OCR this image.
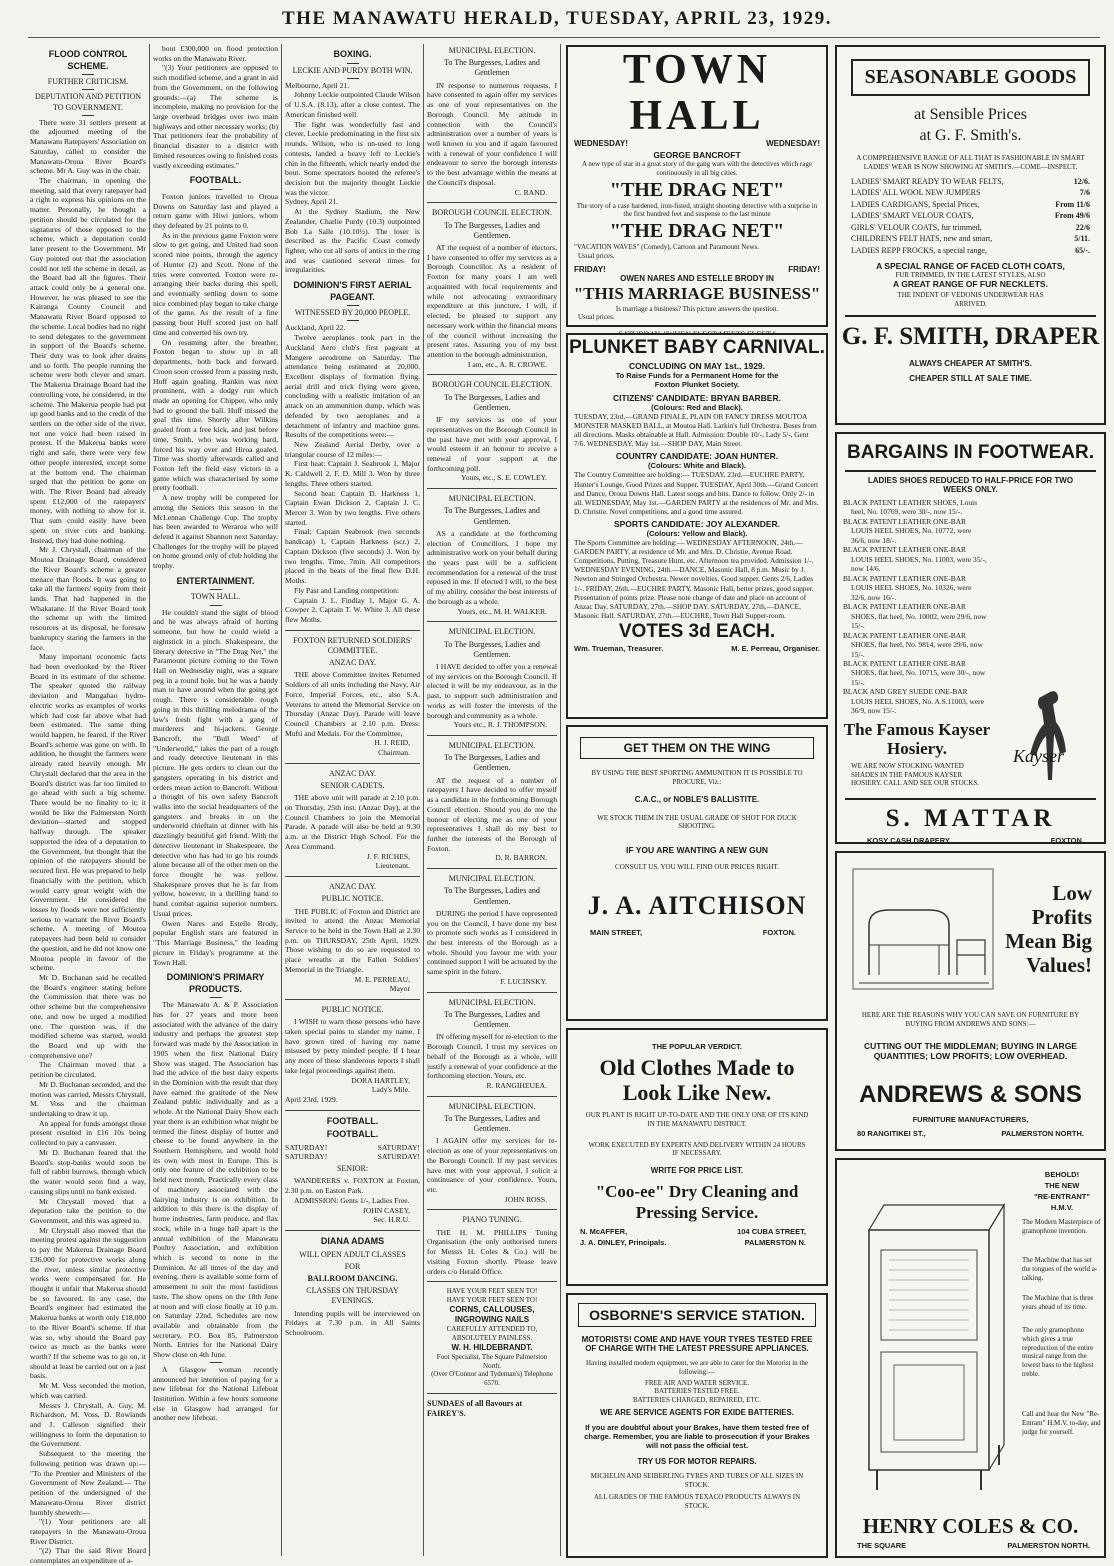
THE MANAWATU HERALD, TUESDAY, APRIL 23, 1929.
FLOOD CONTROL SCHEME.
FURTHER CRITICISM.
DEPUTATION AND PETITION TO GOVERNMENT.

There were 31 settlers present at the adjourned meeting of the Manawatu Ratepayers' Association on Saturday, called to consider the Manawatu-Oroua River Board's scheme. Mr A. Guy was in the chair.

The chairman, in opening the meeting, said that every ratepayer had a right to express his opinions on the matter. Personally, he thought a petition should be circulated for the signatures of those opposed to the scheme, which a deputation could later present to the Government. Mr Guy pointed out that the association could not tell the scheme in detail, as the Board had all the figures. Their attack could only be a general one. However, he was pleased to see the Kairanga County Council and Manawatu River Board opposed to the scheme. Local bodies had no right to send delegates to the government in support of the Board's scheme. Their duty was to look after drains and so forth. The people running the scheme were both clever and smart. The Makerua Drainage Board had the controlling vote, he considered, in the scheme. The Makerua people had put up good banks and to the credit of the settlers on the other side of the river, not one voice had been raised in protest. If the Makerua banks were right and safe, there were very few other people interested, except some at the bottom end. The chairman urged that the petition be gone on with. The River Board had already spent £12,000 of the ratepayers' money, with nothing to show for it. That sum could easily have been spent on river cuts and banking. Instead, they had done nothing.

Mr J. Chrystall, chairman of the Moutoa Drainage Board, considered the River Board's scheme a greater menace than floods. It was going to take all the farmers' equity from their lands. That had happened in the Whakatane. If the River Board took the scheme up with the limited resources at its disposal, he foresaw bankruptcy staring the farmers in the face.

Many important economic facts had been overlooked by the River Board in its estimate of the scheme. The speaker quoted the railway deviation and Mangahao hydro-electric works as examples of works which had cost far above what had been estimated. The same thing would happen, he feared, if the River Board's scheme was gone on with. In addition, he thought the farmers were already rated heavily enough. Mr Chrystall declared that the area in the Board's district was far too limited to go ahead with such a big scheme. There would be no finality to it; it would be like the Palmerston North deviation—started and stopped halfway through. The speaker supported the idea of a deputation to the Government, but thought that the opinion of the ratepayers should be secured first. He was prepared to help financially with the petition, which would carry great weight with the Government. He considered the losses by floods were not sufficiently serious to warrant the River Board's scheme. A meeting of Moutoa ratepayers had been held to consider the question, and he did not know one Moutoa people in favour of the scheme.

Mr D. Buchanan said he recalled the Board's engineer stating before the Commission that there was no other scheme but the comprehensive one, and now he urged a modified one. The question was, if the modified scheme was started, would the Board end up with the comprehensive one?

The Chairman moved that a petition be circulated.

Mr D. Buchanan seconded, and the motion was carried, Messrs Chrystall, M. Voss and the chairman undertaking to draw it up.

An appeal for funds amongst those present resulted in £16 10s being collected to pay a canvasser.

Mr D. Buchanan feared that the Board's stop-banks would soon be full of rabbit burrows, through which the water would soon find a way, causing slips until no bank existed.

Mr Chrystall moved that a deputation take the petition to the Government, and this was agreed to.

Mr Chrystall also moved that the meeting protest against the suggestion to pay the Makerua Drainage Board £36,000 for protective works along the river, unless similar protective works were compensated for. He thought it unfair that Makerua should be so favoured. In any case, the Board's engineer had estimated the Makerua banks at worth only £18,000 to the River Board's scheme. If that was so, why should the Board pay twice as much as the banks were worth? If the scheme was to go on, it should at least be carried out on a just basis.

Mr M. Voss seconded the motion, which was carried.

Messrs J. Chrystall, A. Guy, M. Richardson, M. Voss, D. Rowlands and J. Calleson signified their willingness to form the deputation to the Government.

Subsequent to the meeting the following petition was drawn up:— "To the Premier and Ministers of the Government of New Zealand.— The petition of the undersigned of the Manawatu-Oroua River district humbly sheweth:—

"(1) Your petitioners are all ratepayers in the Manawatu-Oroua River District.

"(2) That the said River Board contemplates an expenditure of a-

bout £300,000 on flood protection works on the Manawatu River.

"(3) Your petitioners are opposed to such modified scheme, and a grant in aid from the Government, on the following grounds:—(a) The scheme is incomplete, making no provision for the large overhead bridges over two main highways and other necessary works; (b) That petitioners fear the probability of financial disaster to a district with limited resources owing to finished costs vastly exceeding estimates."

FOOTBALL.

Foxton juniors travelled to Oroua Downs on Saturday last and played a return game with Hiwi juniors, whom they defeated by 21 points to 0.

As in the previous game Foxton were slow to get going, and United had soon scored nine points, through the agency of Hunter (2) and Scott. None of the tries were converted. Foxton were re-arranging their backs during this spell, and eventually settling down to some nice combined play began to take charge of the game. As the result of a fine passing bout Huff scored just on half time and converted his own try.

On resuming after the breather, Foxton began to show up in all departments, both back and forward. Croon soon crossed from a passing rush, Huff again goaling. Rankin was next prominent, with a dodgy run which made an opening for Chipper, who only had to ground the ball. Huff missed the goal this time. Shortly after Wilkins goaled from a free kick, and just before time, Smith, who was working hard, forced his way over and Hiroa goaled. Time was shortly afterwards called and Foxton left the field easy victors in a game which was characterised by some pretty football.

A new trophy will be competed for among the Seniors this season in the McLennan Challenge Cup. The trophy has been awarded to Weraroa who will defend it against Shannon next Saturday. Challenges for the trophy will be played on home ground only of club holding the trophy.

ENTERTAINMENT.
TOWN HALL.

He couldn't stand the sight of blood and he was always afraid of hurting someone, but how he could wield a nightstick in a pinch. Shakespeare, the literary detective in "The Drag Net," the Paramount picture coming to the Town Hall on Wednesday night, was a square peg in a round hole, but he was a handy man to have around when the going got rough. There is considerable rough going in this thrilling melodrama of the law's fresh fight with a gang of murderers and hi-jackers. George Bancroft, the "Bull Weed" of "Underworld," takes the part of a rough and ready detective lieutenant in this picture. He gets orders to clean out the gangsters operating in his district and orders mean action to Bancroft. Without a thought of his own safety Bancroft walks into the social headquarters of the gangsters and breaks in on the underworld chieftain at dinner with his dazzlingly beautiful girl friend. With the detective lieutenant in Shakespeare, the detective who has had to go his rounds alone because all of the other men on the force thought he was yellow. Shakespeare proves that he is far from yellow, however, in a thrilling hand to hand combat against superior numbers. Usual prices.

Owen Nares and Estelle Brody, popular English stars are featured in "This Marriage Business," the leading picture in Friday's programme at the Town Hall.

DOMINION'S PRIMARY PRODUCTS.

The Manawatu A. & P. Association has for 27 years and more been associated with the advance of the dairy industry and perhaps the greatest step forward was made by the Association in 1905 when the first National Dairy Show was staged. The Association has had the advice of the best dairy experts in the Dominion with the result that they have earned the gratitude of the New Zealand public individually and as a whole. At the National Dairy Show each year there is an exhibition what might be termed the finest display of butter and cheese to be found anywhere in the Southern Hemisphere, and would hold its own with most in Europe. This is only one feature of the exhibition to be held next month. Practically every class of machinery associated with the dairying industry is on exhibition. In addition to this there is the display of home industries, farm produce, and flax stock, while in a huge hall apart is the annual exhibition of the Manawatu Poultry Association, and exhibition which is second to none in the Dominion. At all times of the day and evening, there is available some form of amusement to suit the most fastidious taste. The show opens on the 18th June at noon and will close finally at 10 p.m. on Saturday 22nd. Schedules are now available and obtainable from the secretary, P.O. Box 85, Palmerston North. Entries for the National Dairy Show close on 4th June.

A Glasgow woman recently announced her intention of paying for a new lifeboat for the National Lifeboat Institution. Within a few hours someone else in Glasgow had arranged for another new lifeboat.

BOXING.
LECKIE AND PURDY BOTH WIN.

Melbourne, April 21.

Johnny Leckie outpointed Claude Wilson of U.S.A. (8.13), after a close contest. The American finished well.

The fight was wonderfully fast and clever, Leckie predominating in the first six rounds. Wilson, who is un-used to long contests, landed a heavy left to Leckie's chin in the fifteenth, which nearly ended the bout. Some spectators hooted the referee's decision but the majority thought Leckie was the victor.

Sydney, April 21.

At the Sydney Stadium, the New Zealander, Charlie Purdy (10.3) outpointed Bob La Salle (10.10½). The loser is described as the Pacific Coast comedy fighter, who cut all sorts of antics in the ring and was cautioned several times for irregularities.

DOMINION'S FIRST AERIAL PAGEANT.
WITNESSED BY 20,000 PEOPLE.

Auckland, April 22.

Twelve aeroplanes took part in the Auckland Aero club's first pageant at Mangere aerodrome on Saturday. The attendance being estimated at 20,000. Excellent displays of formation flying, aerial drill and trick flying were given, concluding with a realistic imitation of an attack on an ammunition dump, which was defended by two aeroplanes and a detachment of infantry and machine guns. Results of the competitions were:—

New Zealand Aerial Derby, over a triangular course of 12 miles:—

First heat: Captain J. Seabrook 1, Major K. Caldwell 2, F. D. Mill 3. Won by three lengths. Three others started.

Second heat: Captain D. Harkness 1, Captain Ewan Dickson 2, Captain J. C. Mercer 3. Won by two lengths. Five others started.

Final: Captain Seabrook (two seconds handicap) 1, Captain Harkness (scr.) 2, Captain Dickson (five seconds) 3. Won by two lengths. Time, 7min. All competitors placed in the heats of the final flew D.H. Moths.

Fly Past and Landing competition:

Captain J. L. Findlay 1, Major G. A. Cowper 2, Captain T. W. White 3. All these flew Moths.

FOXTON RETURNED SOLDIERS' COMMITTEE.
ANZAC DAY.

THE above Committee invites Returned Soldiers of all units including the Navy, Air Force, Imperial Forces, etc., also S.A. Veterans to attend the Memorial Service on Thursday (Anzac Day). Parade will leave Council Chambers at 2.10 p.m. Dress: Mufti and Medals. For the Committee,

H. J. REID,
Chairman.
ANZAC DAY.
SENIOR CADETS.

THE above unit will parade at 2.10 p.m. on Thursday, 25th inst. (Anzac Day), at the Council Chambers to join the Memorial Parade. A parade will also be held at 9.30 a.m. at the District High School. For the Area Command.

J. F. RICHES,
Lieutenant.
ANZAC DAY.
PUBLIC NOTICE.

THE PUBLIC of Foxton and District are invited to attend the Anzac Memorial Service to be held in the Town Hall at 2.30 p.m. on THURSDAY, 25th April, 1929. Those wishing to do so are requested to place wreaths at the Fallen Soldiers' Memorial in the Triangle.

M. E. PERREAU,
Mayor
PUBLIC NOTICE.

I WISH to warn those persons who have taken special pains to slander my name. I have grown tired of having my name misused by petty minded people. If I hear any more of these slanderous reports I shall take legal proceedings against them.

DORA HARTLEY,
Lady's Mile.
April 23rd, 1929.
FOOTBALL.
FOOTBALL.
SATURDAY!	SATURDAY!
SATURDAY!	SATURDAY!
SENIOR:

WANDERERS v. FOXTON at Foxton, 2.30 p.m. on Easton Park.

ADMISSION: Gents 1/-, Ladies Free.

JOHN CASEY,
Sec. H.R.U.
DIANA ADAMS
WILL OPEN ADULT CLASSES
FOR
BALLROOM DANCING.
CLASSES ON THURSDAY EVENINGS.

Intending pupils will be interviewed on Fridays at 7.30 p.m. in All Saints Schoolroom.

MUNICIPAL ELECTION.
To The Burgesses, Ladies and Gentlemen

IN response to numerous requests, I have consented to again offer my services as one of your representatives on the Borough Council. My attitude in connection with the Council's administration over a number of years is well known to you and if again favoured with a renewal of your confidence I will endeavour to serve the borough interests to the best advantage within the means at the Council's disposal.

C. RAND.
BOROUGH COUNCIL ELECTION.
To The Burgesses, Ladies and Gentlemen.

AT the request of a number of electors, I have consented to offer my services as a Borough Councillor. As a resident of Foxton for many years I am well acquainted with local requirements and while not advocating extraordinary expenditure at this juncture, I will, if elected, be pleased to support any necessary work within the financial means of the council without increasing the present rates. Assuring you of my best attention to the borough administration,

I am, etc., A. R. CROWE.
BOROUGH COUNCIL ELECTION.
To The Burgesses, Ladies and Gentlemen.

IF my services as one of your representatives on the Borough Council in the past have met with your approval, I would esteem it an honour to receive a renewal of your support at the forthcoming poll.

Yours, etc., S. E. COWLEY.
MUNICIPAL ELECTION.
To The Burgesses, Ladies and Gentlemen.

AS a candidate at the forthcoming election of Councillors, I hope my administrative work on your behalf during the years past will be a sufficient recommendation for a renewal of the trust reposed in me. If elected I will, to the best of my ability, consider the best interests of the borough as a whole.

Yours, etc., M. H. WALKER.
MUNICIPAL ELECTION.
To The Burgesses, Ladies and Gentlemen.

I HAVE decided to offer you a renewal of my services on the Borough Council. If elected it will be my endeavour, as in the past, to support such administration and works as will foster the interests of the borough and community as a whole.

Yours etc., R. J. THOMPSON.
MUNICIPAL ELECTION.
To The Burgesses, Ladies and Gentlemen.

AT the request of a number of ratepayers I have decided to offer myself as a candidate in the forthcoming Borough Council election. Should you do me the honour of electing me as one of your representatives I shall do my best to further the interests of the Borough of Foxton.

D. R. BARRON.
MUNICIPAL ELECTION.
To The Burgesses, Ladies and Gentlemen.

DURING the period I have represented you on the Council, I have done my best to promote such works as I considered in the best interests of the Borough as a whole. Should you favour me with your continued support I will be actuated by the same spirit in the future.

F. LUCINSKY.
MUNICIPAL ELECTION.
To The Burgesses, Ladies and Gentlemen.

IN offering myself for re-election to the Borough Council, I trust my services on behalf of the Borough as a whole, will justify a renewal of your confidence at the forthcoming election. Yours, etc.

R. RANGIHEUEA.
MUNICIPAL ELECTION.
To The Burgesses, Ladies and Gentlemen.

I AGAIN offer my services for re-election as one of your representatives on the Borough Council. If my past services have met with your approval, I solicit a continuance of your confidence. Yours, etc.

JOHN ROSS.
PIANO TUNING.

THE H. M. PHILLIPS Tuning Organisation (the only authorised tuners for Messrs H. Coles & Co.) will be visiting Foxton shortly. Please leave orders c/o Herald Office.

HAVE YOUR FEET SEEN TO!
HAVE YOUR FEET SEEN TO!
CORNS, CALLOUSES, INGROWING NAILS
CAREFULLY ATTENDED TO, ABSOLUTELY PAINLESS.
W. H. HILDEBRANDT.
Foot Specialist, The Square Palmerston North.
(Over O'Connor and Tydeman's) Telephone 6570.
SUNDAES of all flavours at FAIREY'S.
TOWN HALL
WEDNESDAY!	WEDNESDAY!
GEORGE BANCROFT
A new type of star in a great story of the gang wars with the detectives which rage continuously in all big cities.
"THE DRAG NET"
The story of a case hardened, iron-fisted, straight shooting detective with a surprise in the first hundred feet and suspense to the last minute
"THE DRAG NET"
"VACATION WAVES" (Comedy), Cartoon and Paramount News.
Usual prices.
FRIDAY!	FRIDAY!
OWEN NARES AND ESTELLE BRODY IN
"THIS MARRIAGE BUSINESS"
Is marriage a business? This picture answers the question.
Usual prices.
PLUNKET BABY CARNIVAL.
CONCLUDING ON MAY 1st., 1929.
To Raise Funds for a Permanent Home for the
Foxton Plunket Society.
CITIZENS' CANDIDATE: BRYAN BARBER.
(Colours: Red and Black).
TUESDAY, 23rd.—GRAND FINALE, PLAIN OR FANCY DRESS MOUTOA MONSTER MASKED BALL, at Moutoa Hall. Larkin's full Orchestra. Buses from all directions. Masks obtainable at Hall. Admission: Double 10/-, Lady 5/-, Gent 7/6. WEDNESDAY, May 1st.—SHOP DAY, Main Street.
COUNTRY CANDIDATE: JOAN HUNTER.
(Colours: White and Black).
The Country Committee are holding:— TUESDAY, 23rd.—EUCHRE PARTY, Hunter's Lounge, Good Prizes and Supper. TUESDAY, April 30th.—Grand Concert and Dance, Oroua Downs Hall. Latest songs and hits. Dance to follow. Only 2/- in all. WEDNESDAY, May 1st.—GARDEN PARTY at the residences of Mr. and Mrs. D. Christie. Novel competitions, and a good time assured.
SPORTS CANDIDATE: JOY ALEXANDER.
(Colours: Yellow and Black).
The Sports Committee are holding:— WEDNESDAY AFTERNOON, 24th.—GARDEN PARTY, at residence of Mr. and Mrs. D. Christie, Avenue Road. Competitions, Putting, Treasure Hunt, etc. Afternoon tea provided. Admission 1/-. WEDNESDAY EVENING, 24th.—DANCE, Masonic Hall, 8 p.m. Music by J. Newton and Stringed Orchestra. Newer novelties. Good supper. Gents 2/6, Ladies 1/-. FRIDAY, 26th.—EUCHRE PARTY, Masonic Hall, better prizes, good supper. Presentation of points prize. Please note change of date and place on account of Anzac Day. SATURDAY, 27th.—SHOP DAY. SATURDAY, 27th.—DANCE, Masonic Hall. SATURDAY, 27th.—EUCHRE, Town Hall Supper-room.
VOTES 3d EACH.
Wm. Trueman, Treasurer.	M. E. Perreau, Organiser.
GET THEM ON THE WING
BY USING THE BEST SPORTING AMMUNITION IT IS POSSIBLE TO PROCURE, Viz.:
C.A.C., or NOBLE'S BALLISTITE.
WE STOCK THEM IN THE USUAL GRADE OF SHOT FOR DUCK SHOOTING.
IF YOU ARE WANTING A NEW GUN
CONSULT US. YOU WILL FIND OUR PRICES RIGHT.
J. A. AITCHISON
MAIN STREET,	FOXTON.
THE POPULAR VERDICT.
Old Clothes Made to
Look Like New.
OUR PLANT IS RIGHT UP-TO-DATE AND THE ONLY ONE OF ITS KIND IN THE MANAWATU DISTRICT.
WORK EXECUTED BY EXPERTS AND DELIVERY WITHIN 24 HOURS IF NECESSARY.
WRITE FOR PRICE LIST.
"Coo-ee" Dry Cleaning and
Pressing Service.
N. McAFFER,	104 CUBA STREET,
J. A. DINLEY, Principals.	PALMERSTON N.
OSBORNE'S SERVICE STATION.
MOTORISTS! COME AND HAVE YOUR TYRES TESTED FREE OF CHARGE WITH THE LATEST PRESSURE APPLIANCES.
Having installed modern equipment, we are able to cater for the Motorist in the following:—
FREE AIR AND WATER SERVICE.
BATTERIES TESTED FREE.
BATTERIES CHARGED, REPAIRED, ETC.
WE ARE SERVICE AGENTS FOR EXIDE BATTERIES.
If you are doubtful about your Brakes, have them tested free of charge. Remember, you are liable to prosecution if your Brakes will not pass the official test.
TRY US FOR MOTOR REPAIRS.
MICHELIN AND SEIBERLING TYRES AND TUBES OF ALL SIZES IN STOCK.
ALL GRADES OF THE FAMOUS TEXACO PRODUCTS ALWAYS IN STOCK.
SEASONABLE GOODS
at Sensible Prices
at G. F. Smith's.
A COMPREHENSIVE RANGE OF ALL THAT IS FASHIONABLE IN SMART LADIES' WEAR IS NOW SHOWING AT SMITH'S.—COME—INSPECT.
LADIES' SMART READY TO WEAR FELTS,	12/6.
LADIES' ALL WOOL NEW JUMPERS	7/6
LADIES CARDIGANS, Special Prices,	From 11/6
LADIES' SMART VELOUR COATS,	From 49/6
GIRLS' VELOUR COATS, fur trimmed,	22/6
CHILDREN'S FELT HATS, new and smart,	5/11.
LADIES REPP FROCKS, a special range,	65/-.
A SPECIAL RANGE OF FACED CLOTH COATS,
FUR TRIMMED, IN THE LATEST STYLES, ALSO
A GREAT RANGE OF FUR NECKLETS.
THE INDENT OF VEDONIS UNDERWEAR HAS ARRIVED.
G. F. SMITH, DRAPER
ALWAYS CHEAPER AT SMITH'S.
CHEAPER STILL AT SALE TIME.
BARGAINS IN FOOTWEAR.
LADIES SHOES REDUCED TO HALF-PRICE FOR TWO WEEKS ONLY.
BLACK PATENT LEATHER SHOES, Louis heel, No. 10769, were 30/-, now 15/-.
BLACK PATENT LEATHER ONE-BAR LOUIS HEEL SHOES, No. 10772, were 36/6, now 18/-.
BLACK PATENT LEATHER ONE-BAR LOUIS HEEL SHOES, No. 11003, were 35/-, now 14/6.
BLACK PATENT LEATHER ONE-BAR LOUIS HEEL SHOES, No. 10326, were 32/6, now 16/-.
BLACK PATENT LEATHER ONE-BAR SHOES, flat heel, No. 10002, were 29/6, now 15/-.
BLACK PATENT LEATHER ONE-BAR SHOES, flat heel, No. 9814, were 29/6, now 15/-.
BLACK PATENT LEATHER ONE-BAR SHOES, flat heel, No. 10715, were 30/-, now 15/-.
BLACK AND GREY SUEDE ONE-BAR LOUIS HEEL SHOES, No. A.S.11003, were 36/9, now 15/-.
The Famous Kayser
Hosiery.
WE ARE NOW STOCKING WANTED SHADES IN THE FAMOUS KAYSER HOSIERY. CALL AND SEE OUR STOCKS.
Kayser
S. MATTAR
KOSY CASH DRAPERY	FOXTON.
Low
Profits
Mean Big
Values!
HERE ARE THE REASONS WHY YOU CAN SAVE ON FURNITURE BY BUYING FROM ANDREWS AND SONS:—
CUTTING OUT THE MIDDLEMAN; BUYING IN LARGE QUANTITIES; LOW PROFITS; LOW OVERHEAD.
ANDREWS & SONS
FURNITURE MANUFACTURERS,
80 RANGITIKEI ST.,	PALMERSTON NORTH.
BEHOLD!
THE NEW
"RE-ENTRANT"
H.M.V.
The Modern Masterpiece of gramophone invention.
The Machine that has set the tongues of the world a-talking.
The Machine that is three years ahead of its time.
The only gramophone which gives a true reproduction of the entire musical range from the lowest bass to the highest treble.
Call and hear the New "Re-Entrant" H.M.V. to-day, and judge for yourself.
HENRY COLES & CO.
THE SQUARE	PALMERSTON NORTH.
